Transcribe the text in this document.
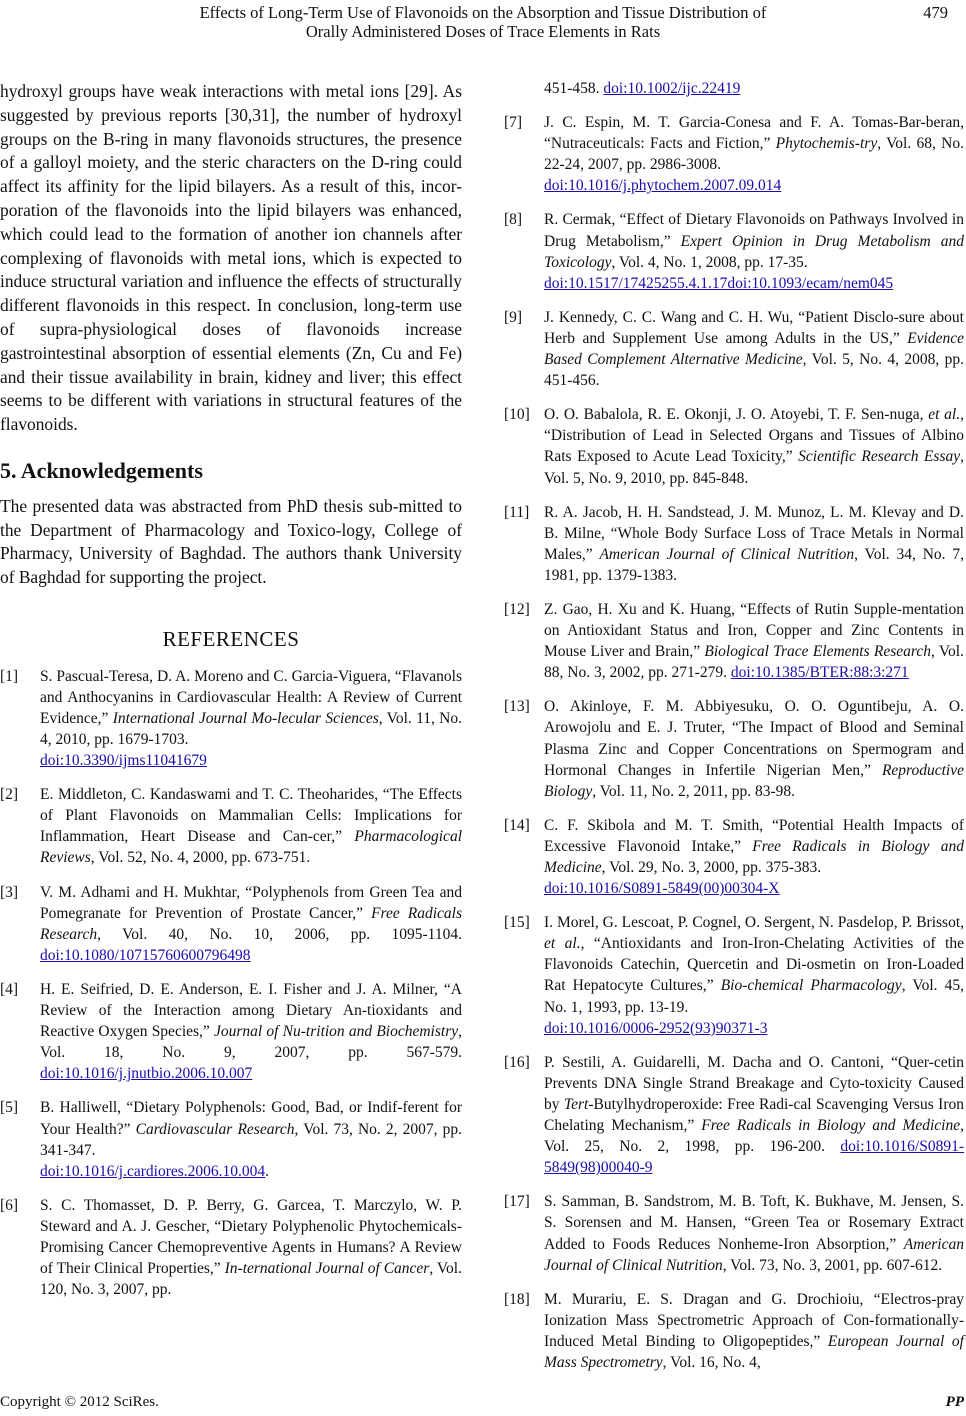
Effects of Long-Term Use of Flavonoids on the Absorption and Tissue Distribution of
Orally Administered Doses of Trace Elements in Rats
479

hydroxyl groups have weak interactions with metal ions [29]. As suggested by previous reports [30,31], the number of hydroxyl groups on the B-ring in many flavonoids structures, the presence of a galloyl moiety, and the steric characters on the D-ring could affect its affinity for the lipid bilayers. As a result of this, incor-poration of the flavonoids into the lipid bilayers was enhanced, which could lead to the formation of another ion channels after complexing of flavonoids with metal ions, which is expected to induce structural variation and influence the effects of structurally different flavonoids in this respect. In conclusion, long-term use of supra-physiological doses of flavonoids increase gastrointestinal absorption of essential elements (Zn, Cu and Fe) and their tissue availability in brain, kidney and liver; this effect seems to be different with variations in structural features of the flavonoids.

5. Acknowledgements

The presented data was abstracted from PhD thesis sub-mitted to the Department of Pharmacology and Toxico-logy, College of Pharmacy, University of Baghdad. The authors thank University of Baghdad for supporting the project.

REFERENCES
[1]	S. Pascual-Teresa, D. A. Moreno and C. Garcia-Viguera, “Flavanols and Anthocyanins in Cardiovascular Health: A Review of Current Evidence,” International Journal Mo-lecular Sciences, Vol. 11, No. 4, 2010, pp. 1679-1703.
doi:10.3390/ijms11041679
[2]	E. Middleton, C. Kandaswami and T. C. Theoharides, “The Effects of Plant Flavonoids on Mammalian Cells: Implications for Inflammation, Heart Disease and Can-cer,” Pharmacological Reviews, Vol. 52, No. 4, 2000, pp. 673-751.
[3]	V. M. Adhami and H. Mukhtar, “Polyphenols from Green Tea and Pomegranate for Prevention of Prostate Cancer,” Free Radicals Research, Vol. 40, No. 10, 2006, pp. 1095-1104. doi:10.1080/10715760600796498
[4]	H. E. Seifried, D. E. Anderson, E. I. Fisher and J. A. Milner, “A Review of the Interaction among Dietary An-tioxidants and Reactive Oxygen Species,” Journal of Nu-trition and Biochemistry, Vol. 18, No. 9, 2007, pp. 567-579. doi:10.1016/j.jnutbio.2006.10.007
[5]	B. Halliwell, “Dietary Polyphenols: Good, Bad, or Indif-ferent for Your Health?” Cardiovascular Research, Vol. 73, No. 2, 2007, pp. 341-347.
doi:10.1016/j.cardiores.2006.10.004.
[6]	S. C. Thomasset, D. P. Berry, G. Garcea, T. Marczylo, W. P. Steward and A. J. Gescher, “Dietary Polyphenolic Phytochemicals-Promising Cancer Chemopreventive Agents in Humans? A Review of Their Clinical Properties,” In-ternational Journal of Cancer, Vol. 120, No. 3, 2007, pp.
451-458. doi:10.1002/ijc.22419
[7]	J. C. Espin, M. T. Garcia-Conesa and F. A. Tomas-Bar-beran, “Nutraceuticals: Facts and Fiction,” Phytochemis-try, Vol. 68, No. 22-24, 2007, pp. 2986-3008.
doi:10.1016/j.phytochem.2007.09.014
[8]	R. Cermak, “Effect of Dietary Flavonoids on Pathways Involved in Drug Metabolism,” Expert Opinion in Drug Metabolism and Toxicology, Vol. 4, No. 1, 2008, pp. 17-35.
doi:10.1517/17425255.4.1.17doi:10.1093/ecam/nem045
[9]	J. Kennedy, C. C. Wang and C. H. Wu, “Patient Disclo-sure about Herb and Supplement Use among Adults in the US,” Evidence Based Complement Alternative Medicine, Vol. 5, No. 4, 2008, pp. 451-456.
[10] O. O. Babalola, R. E. Okonji, J. O. Atoyebi, T. F. Sen-nuga, et al., “Distribution of Lead in Selected Organs and Tissues of Albino Rats Exposed to Acute Lead Toxicity,” Scientific Research Essay, Vol. 5, No. 9, 2010, pp. 845-848.
[11] R. A. Jacob, H. H. Sandstead, J. M. Munoz, L. M. Klevay and D. B. Milne, “Whole Body Surface Loss of Trace Metals in Normal Males,” American Journal of Clinical Nutrition, Vol. 34, No. 7, 1981, pp. 1379-1383.
[12] Z. Gao, H. Xu and K. Huang, “Effects of Rutin Supple-mentation on Antioxidant Status and Iron, Copper and Zinc Contents in Mouse Liver and Brain,” Biological Trace Elements Research, Vol. 88, No. 3, 2002, pp. 271-279. doi:10.1385/BTER:88:3:271
[13] O. Akinloye, F. M. Abbiyesuku, O. O. Oguntibeju, A. O. Arowojolu and E. J. Truter, “The Impact of Blood and Seminal Plasma Zinc and Copper Concentrations on Spermogram and Hormonal Changes in Infertile Nigerian Men,” Reproductive Biology, Vol. 11, No. 2, 2011, pp. 83-98.
[14] C. F. Skibola and M. T. Smith, “Potential Health Impacts of Excessive Flavonoid Intake,” Free Radicals in Biology and Medicine, Vol. 29, No. 3, 2000, pp. 375-383.
doi:10.1016/S0891-5849(00)00304-X
[15] I. Morel, G. Lescoat, P. Cognel, O. Sergent, N. Pasdelop, P. Brissot, et al., “Antioxidants and Iron-Iron-Chelating Activities of the Flavonoids Catechin, Quercetin and Di-osmetin on Iron-Loaded Rat Hepatocyte Cultures,” Bio-chemical Pharmacology, Vol. 45, No. 1, 1993, pp. 13-19.
doi:10.1016/0006-2952(93)90371-3
[16] P. Sestili, A. Guidarelli, M. Dacha and O. Cantoni, “Quer-cetin Prevents DNA Single Strand Breakage and Cyto-toxicity Caused by Tert-Butylhydroperoxide: Free Radi-cal Scavenging Versus Iron Chelating Mechanism,” Free Radicals in Biology and Medicine, Vol. 25, No. 2, 1998, pp. 196-200. doi:10.1016/S0891-5849(98)00040-9
[17] S. Samman, B. Sandstrom, M. B. Toft, K. Bukhave, M. Jensen, S. S. Sorensen and M. Hansen, “Green Tea or Rosemary Extract Added to Foods Reduces Nonheme-Iron Absorption,” American Journal of Clinical Nutrition, Vol. 73, No. 3, 2001, pp. 607-612.
[18] M. Murariu, E. S. Dragan and G. Drochioiu, “Electros-pray Ionization Mass Spectrometric Approach of Con-formationally-Induced Metal Binding to Oligopeptides,” European Journal of Mass Spectrometry, Vol. 16, No. 4,
Copyright © 2012 SciRes.	PP
